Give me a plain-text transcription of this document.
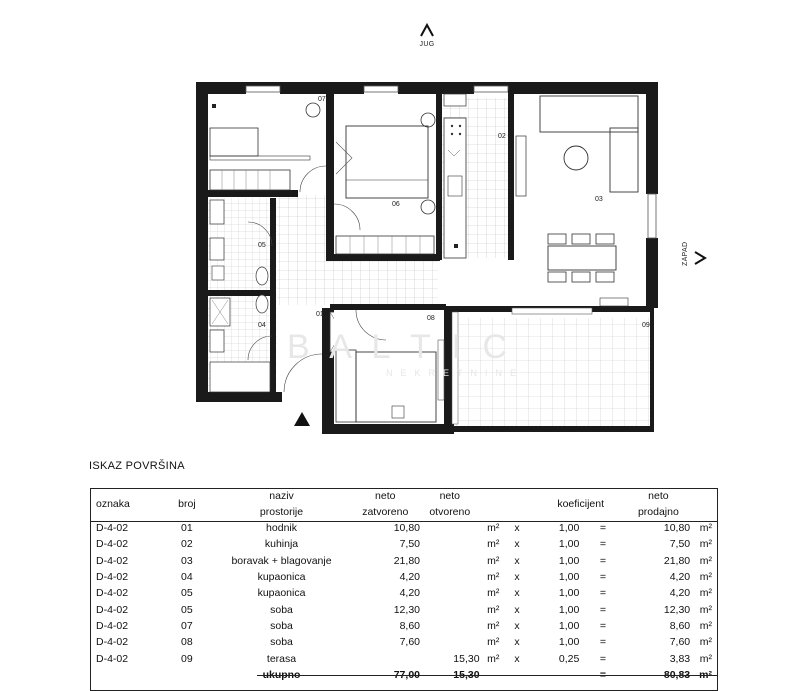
B A L T I C
NEKRETNINE
JUG
ZAPAD
07
06
02
03
05
04
01
08
09
ISKAZ POVRŠINA
oznaka	broj	naziv	neto	neto			koeficijent		neto	
		prostorije	zatvoreno	otvoreno					prodajno	
D-4-02	01	hodnik	10,80		m²	x	1,00	=	10,80	m²
D-4-02	02	kuhinja	7,50		m²	x	1,00	=	7,50	m²
D-4-02	03	boravak + blagovanje	21,80		m²	x	1,00	=	21,80	m²
D-4-02	04	kupaonica	4,20		m²	x	1,00	=	4,20	m²
D-4-02	05	kupaonica	4,20		m²	x	1,00	=	4,20	m²
D-4-02	05	soba	12,30		m²	x	1,00	=	12,30	m²
D-4-02	07	soba	8,60		m²	x	1,00	=	8,60	m²
D-4-02	08	soba	7,60		m²	x	1,00	=	7,60	m²
D-4-02	09	terasa		15,30	m²	x	0,25	=	3,83	m²
		ukupno	77,00	15,30				=	80,83	m²
